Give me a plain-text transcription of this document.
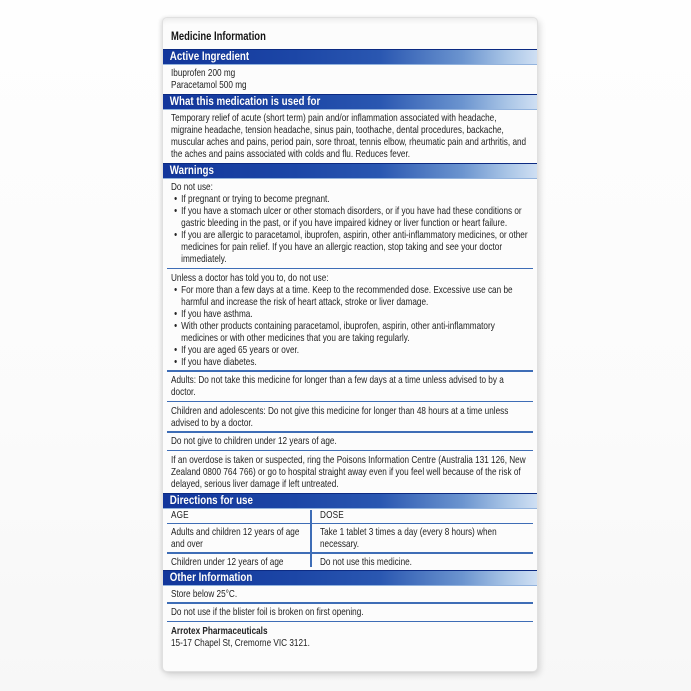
Medicine Information
Active Ingredient
Ibuprofen 200 mg
Paracetamol 500 mg
What this medication is used for
Temporary relief of acute (short term) pain and/or inflammation associated with headache, migraine headache, tension headache, sinus pain, toothache, dental procedures, backache, muscular aches and pains, period pain, sore throat, tennis elbow, rheumatic pain and arthritis, and the aches and pains associated with colds and flu. Reduces fever.
Warnings
Do not use:
• If pregnant or trying to become pregnant.
• If you have a stomach ulcer or other stomach disorders, or if you have had these conditions or gastric bleeding in the past, or if you have impaired kidney or liver function or heart failure.
• If you are allergic to paracetamol, ibuprofen, aspirin, other anti-inflammatory medicines, or other medicines for pain relief. If you have an allergic reaction, stop taking and see your doctor immediately.
Unless a doctor has told you to, do not use:
• For more than a few days at a time. Keep to the recommended dose. Excessive use can be harmful and increase the risk of heart attack, stroke or liver damage.
• If you have asthma.
• With other products containing paracetamol, ibuprofen, aspirin, other anti-inflammatory medicines or with other medicines that you are taking regularly.
• If you are aged 65 years or over.
• If you have diabetes.
Adults: Do not take this medicine for longer than a few days at a time unless advised to by a doctor.
Children and adolescents: Do not give this medicine for longer than 48 hours at a time unless advised to by a doctor.
Do not give to children under 12 years of age.
If an overdose is taken or suspected, ring the Poisons Information Centre (Australia 131 126, New Zealand 0800 764 766) or go to hospital straight away even if you feel well because of the risk of delayed, serious liver damage if left untreated.
Directions for use
AGE	DOSE
Adults and children 12 years of age and over
Take 1 tablet 3 times a day (every 8 hours) when necessary.
Children under 12 years of age	Do not use this medicine.
Other Information
Store below 25°C.
Do not use if the blister foil is broken on first opening.
Arrotex Pharmaceuticals
15-17 Chapel St, Cremorne VIC 3121.
